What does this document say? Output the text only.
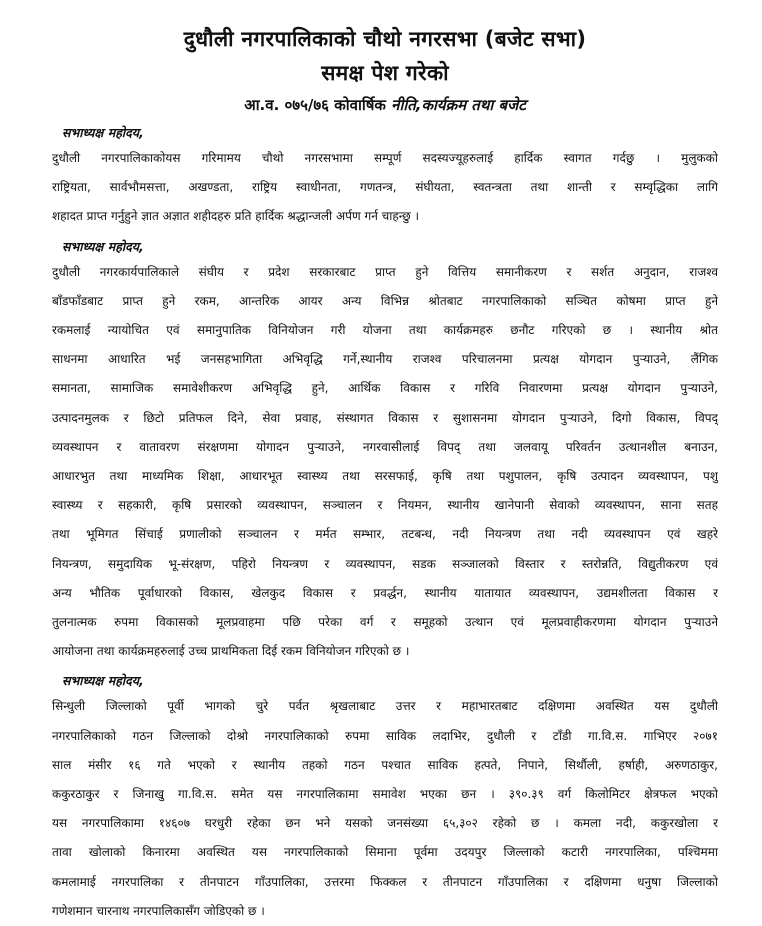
दुधौली नगरपालिकाको चौथो नगरसभा (बजेट सभा)
समक्ष पेश गरेको
आ.व. ०७५/७६ कोवार्षिक नीति,कार्यक्रम तथा बजेट
सभाध्यक्ष महोदय,
दुधौली नगरपालिकाकोयस गरिमामय चौथो नगरसभामा सम्पूर्ण सदस्यज्यूहरुलाई हार्दिक स्वागत गर्दछु । मुलुकको
राष्ट्रियता, सार्वभौमसत्ता, अखण्डता, राष्ट्रिय स्वाधीनता, गणतन्त्र, संघीयता, स्वतन्त्रता तथा शान्ती र सम्वृद्धिका लागि
शहादत प्राप्त गर्नुहुने ज्ञात अज्ञात शहीदहरु प्रति हार्दिक श्रद्धान्जली अर्पण गर्न चाहन्छु ।
सभाध्यक्ष महोदय,
दुधौली नगरकार्यपालिकाले संघीय र प्रदेश सरकारबाट प्राप्त हुने वित्तिय समानीकरण र सर्शत अनुदान, राजश्व
बाँडफाँडबाट प्राप्त हुने रकम, आन्तरिक आयर अन्य विभिन्न श्रोतबाट नगरपालिकाको सञ्चित कोषमा प्राप्त हुने
रकमलाई न्यायोचित एवं समानुपातिक विनियोजन गरी योजना तथा कार्यक्रमहरु छनौट गरिएको छ । स्थानीय श्रोत
साधनमा आधारित भई जनसहभागिता अभिवृद्धि गर्ने,स्थानीय राजश्व परिचालनमा प्रत्यक्ष योगदान पुर्‍याउने, लैंगिक
समानता, सामाजिक समावेशीकरण अभिवृद्धि हुने, आर्थिक विकास र गरिवि निवारणमा प्रत्यक्ष योगदान पुर्‍याउने,
उत्पादनमुलक र छिटो प्रतिफल दिने, सेवा प्रवाह, संस्थागत विकास र सुशासनमा योगदान पुर्‍याउने, दिगो विकास, विपद्
व्यवस्थापन र वातावरण संरक्षणमा योगादन पुर्‍याउने, नगरवासीलाई विपद् तथा जलवायू परिवर्तन उत्थानशील बनाउन,
आधारभुत तथा माध्यमिक शिक्षा, आधारभूत स्वास्थ्य तथा सरसफाई, कृषि तथा पशुपालन, कृषि उत्पादन व्यवस्थापन, पशु
स्वास्थ्य र सहकारी, कृषि प्रसारको व्यवस्थापन, सञ्चालन र नियमन, स्थानीय खानेपानी सेवाको व्यवस्थापन, साना सतह
तथा भूमिगत सिंचाई प्रणालीको सञ्चालन र मर्मत सम्भार, तटबन्ध, नदी नियन्त्रण तथा नदी व्यवस्थापन एवं खहरे
नियन्त्रण, समुदायिक भू-संरक्षण, पहिरो नियन्त्रण र व्यवस्थापन, सडक सञ्जालको विस्तार र स्तरोन्नति, विद्युतीकरण एवं
अन्य भौतिक पूर्वाधारको विकास, खेलकुद विकास र प्रवर्द्धन, स्थानीय यातायात व्यवस्थापन, उद्यमशीलता विकास र
तुलनात्मक रुपमा विकासको मूलप्रवाहमा पछि परेका वर्ग र समूहको उत्थान एवं मूलप्रवाहीकरणमा योगदान पुर्‍याउने
आयोजना तथा कार्यक्रमहरुलाई उच्च प्राथमिकता दिई रकम विनियोजन गरिएको छ ।
सभाध्यक्ष महोदय,
सिन्धुली जिल्लाको पूर्वी भागको चुरे पर्वत श्रृखलाबाट उत्तर र महाभारतबाट दक्षिणमा अवस्थित यस दुधौली
नगरपालिकाको गठन जिल्लाको दोश्रो नगरपालिकाको रुपमा साविक लदाभिर, दुधौली र टाँडी गा.वि.स. गाभिएर २०७१
साल मंसीर १६ गते भएको र स्थानीय तहको गठन पश्चात साविक हत्पते, निपाने, सिर्थौली, हर्षाही, अरुणठाकुर,
ककुरठाकुर र जिनाखु गा.वि.स. समेत यस नगरपालिकामा समावेश भएका छन । ३९०.३९ वर्ग किलोमिटर क्षेत्रफल भएको
यस नगरपालिकामा १४६०७ घरधुरी रहेका छन भने यसको जनसंख्या ६५,३०२ रहेको छ । कमला नदी, ककुरखोला र
तावा खोलाको किनारमा अवस्थित यस नगरपालिकाको सिमाना पूर्वमा उदयपुर जिल्लाको कटारी नगरपालिका, पश्चिममा
कमलामाई नगरपालिका र तीनपाटन गाँउपालिका, उत्तरमा फिक्कल र तीनपाटन गाँउपालिका र दक्षिणमा धनुषा जिल्लाको
गणेशमान चारनाथ नगरपालिकासँग जोडिएको छ ।
